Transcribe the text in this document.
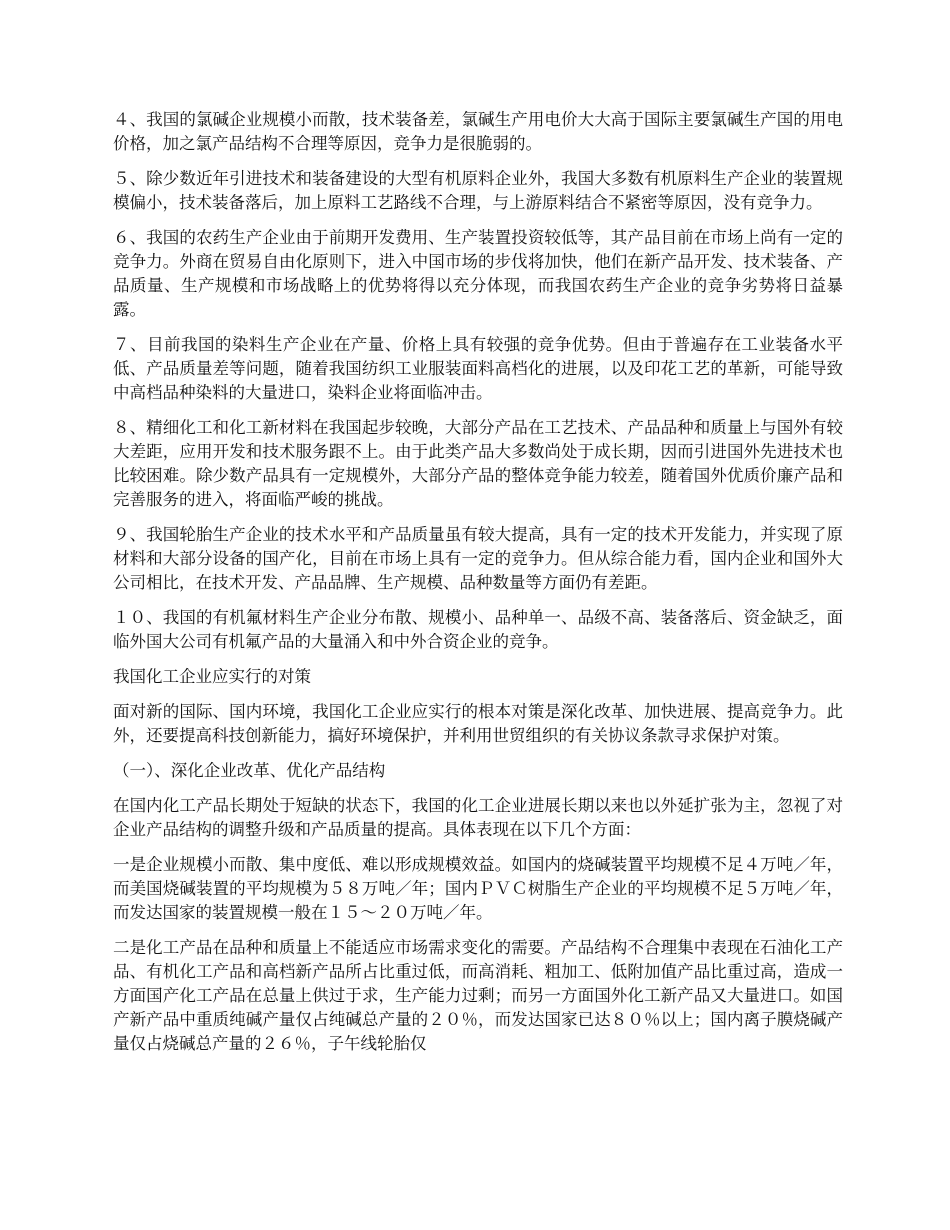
４、我国的氯碱企业规模小而散，技术装备差，氯碱生产用电价大大高于国际主要氯碱生产国的用电价格，加之氯产品结构不合理等原因，竞争力是很脆弱的。

５、除少数近年引进技术和装备建设的大型有机原料企业外，我国大多数有机原料生产企业的装置规模偏小，技术装备落后，加上原料工艺路线不合理，与上游原料结合不紧密等原因，没有竞争力。

６、我国的农药生产企业由于前期开发费用、生产装置投资较低等，其产品目前在市场上尚有一定的竞争力。外商在贸易自由化原则下，进入中国市场的步伐将加快，他们在新产品开发、技术装备、产品质量、生产规模和市场战略上的优势将得以充分体现，而我国农药生产企业的竞争劣势将日益暴露。

７、目前我国的染料生产企业在产量、价格上具有较强的竞争优势。但由于普遍存在工业装备水平低、产品质量差等问题，随着我国纺织工业服装面料高档化的进展，以及印花工艺的革新，可能导致中高档品种染料的大量进口，染料企业将面临冲击。

８、精细化工和化工新材料在我国起步较晚，大部分产品在工艺技术、产品品种和质量上与国外有较大差距，应用开发和技术服务跟不上。由于此类产品大多数尚处于成长期，因而引进国外先进技术也比较困难。除少数产品具有一定规模外，大部分产品的整体竞争能力较差，随着国外优质价廉产品和完善服务的进入，将面临严峻的挑战。

９、我国轮胎生产企业的技术水平和产品质量虽有较大提高，具有一定的技术开发能力，并实现了原材料和大部分设备的国产化，目前在市场上具有一定的竞争力。但从综合能力看，国内企业和国外大公司相比，在技术开发、产品品牌、生产规模、品种数量等方面仍有差距。

１０、我国的有机氟材料生产企业分布散、规模小、品种单一、品级不高、装备落后、资金缺乏，面临外国大公司有机氟产品的大量涌入和中外合资企业的竞争。

我国化工企业应实行的对策

面对新的国际、国内环境，我国化工企业应实行的根本对策是深化改革、加快进展、提高竞争力。此外，还要提高科技创新能力，搞好环境保护，并利用世贸组织的有关协议条款寻求保护对策。

（一）、深化企业改革、优化产品结构

在国内化工产品长期处于短缺的状态下，我国的化工企业进展长期以来也以外延扩张为主，忽视了对企业产品结构的调整升级和产品质量的提高。具体表现在以下几个方面：

一是企业规模小而散、集中度低、难以形成规模效益。如国内的烧碱装置平均规模不足４万吨／年，而美国烧碱装置的平均规模为５８万吨／年；国内ＰＶＣ树脂生产企业的平均规模不足５万吨／年，而发达国家的装置规模一般在１５～２０万吨／年。

二是化工产品在品种和质量上不能适应市场需求变化的需要。产品结构不合理集中表现在石油化工产品、有机化工产品和高档新产品所占比重过低，而高消耗、粗加工、低附加值产品比重过高，造成一方面国产化工产品在总量上供过于求，生产能力过剩；而另一方面国外化工新产品又大量进口。如国产新产品中重质纯碱产量仅占纯碱总产量的２０％，而发达国家已达８０％以上；国内离子膜烧碱产量仅占烧碱总产量的２６％，子午线轮胎仅
